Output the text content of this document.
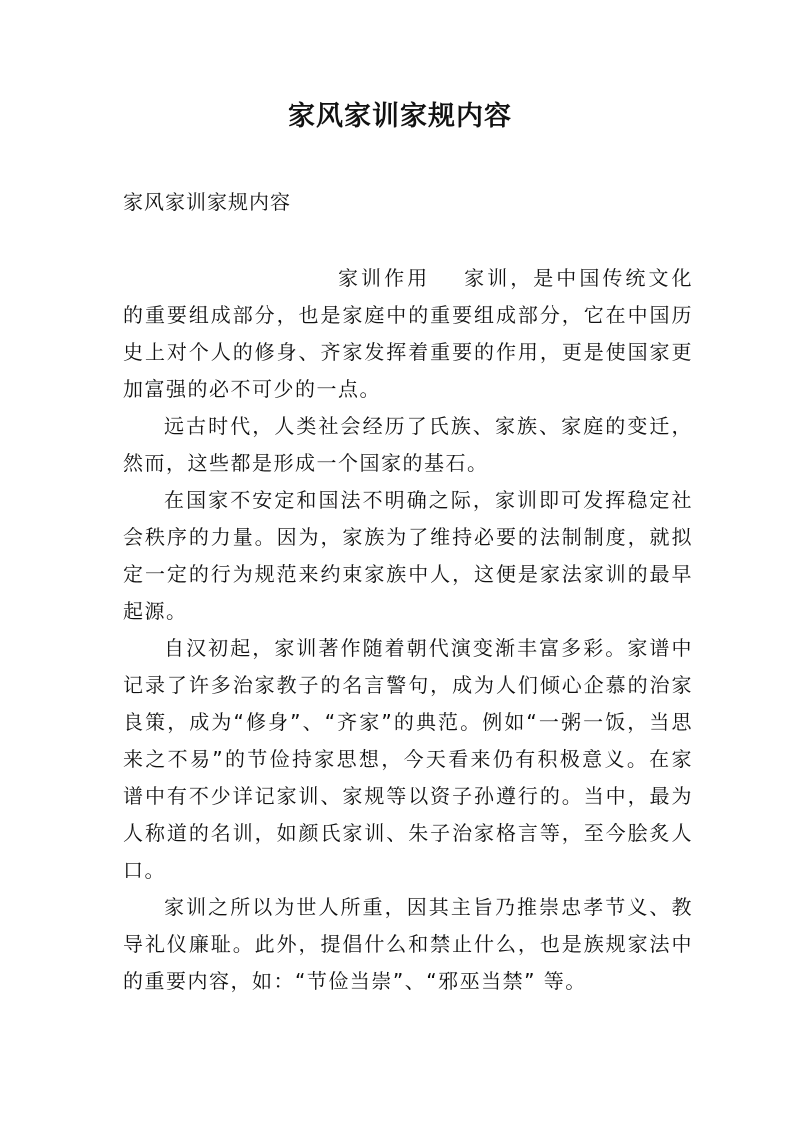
家风家训家规内容

家风家训家规内容

家训作用 家训，是中国传统文化的重要组成部分，也是家庭中的重要组成部分，它在中国历史上对个人的修身、齐家发挥着重要的作用，更是使国家更加富强的必不可少的一点。

远古时代，人类社会经历了氏族、家族、家庭的变迁，然而，这些都是形成一个国家的基石。

在国家不安定和国法不明确之际，家训即可发挥稳定社会秩序的力量。因为，家族为了维持必要的法制制度，就拟定一定的行为规范来约束家族中人，这便是家法家训的最早起源。

自汉初起，家训著作随着朝代演变渐丰富多彩。家谱中记录了许多治家教子的名言警句，成为人们倾心企慕的治家良策，成为“修身”、“齐家”的典范。例如“一粥一饭，当思来之不易”的节俭持家思想，今天看来仍有积极意义。在家谱中有不少详记家训、家规等以资子孙遵行的。当中，最为人称道的名训，如颜氏家训、朱子治家格言等，至今脍炙人口。

家训之所以为世人所重，因其主旨乃推崇忠孝节义、教导礼仪廉耻。此外，提倡什么和禁止什么，也是族规家法中的重要内容，如：“节俭当崇”、“邪巫当禁” 等。
